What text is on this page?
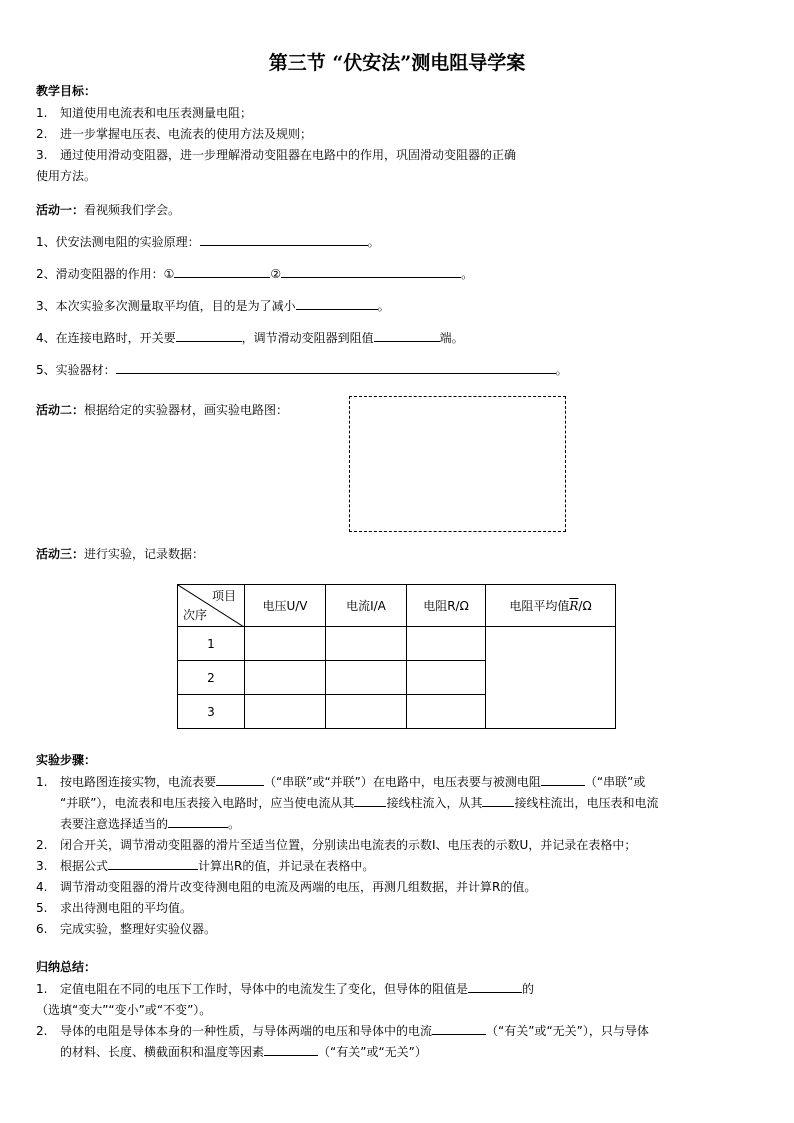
第三节 “伏安法”测电阻导学案
教学目标：
1. 知道使用电流表和电压表测量电阻；
2. 进一步掌握电压表、电流表的使用方法及规则；
3. 通过使用滑动变阻器，进一步理解滑动变阻器在电路中的作用，巩固滑动变阻器的正确
使用方法。
活动一：看视频我们学会。
1、伏安法测电阻的实验原理：	。
2、滑动变阻器的作用：①	②	。
3、本次实验多次测量取平均值，目的是为了减小	。
4、在连接电路时，开关要	，调节滑动变阻器到阻值	端。
5、实验器材：	。
活动二：根据给定的实验器材，画实验电路图：
活动三：进行实验，记录数据：
项目
次序	电压U/V	电流I/A	电阻R/Ω	电阻平均值$\overline{R}/\Omega$
1				
2				
3				
实验步骤：
1. 按电路图连接实物，电流表要	（“串联”或“并联”）在电路中，电压表要与被测电阻	（“串联”或
“并联”），电流表和电压表接入电路时，应当使电流从其	接线柱流入，从其	接线柱流出，电压表和电流
表要注意选择适当的	。
2. 闭合开关，调节滑动变阻器的滑片至适当位置，分别读出电流表的示数I、电压表的示数U，并记录在表格中；
3. 根据公式	计算出R的值，并记录在表格中。
4. 调节滑动变阻器的滑片改变待测电阻的电流及两端的电压，再测几组数据，并计算R的值。
5. 求出待测电阻的平均值。
6. 完成实验，整理好实验仪器。
归纳总结：
1. 定值电阻在不同的电压下工作时，导体中的电流发生了变化，但导体的阻值是	的
（选填“变大”“变小”或“不变”）。
2. 导体的电阻是导体本身的一种性质，与导体两端的电压和导体中的电流	（“有关”或“无关”），只与导体
的材料、长度、横截面积和温度等因素	（“有关”或“无关”）
